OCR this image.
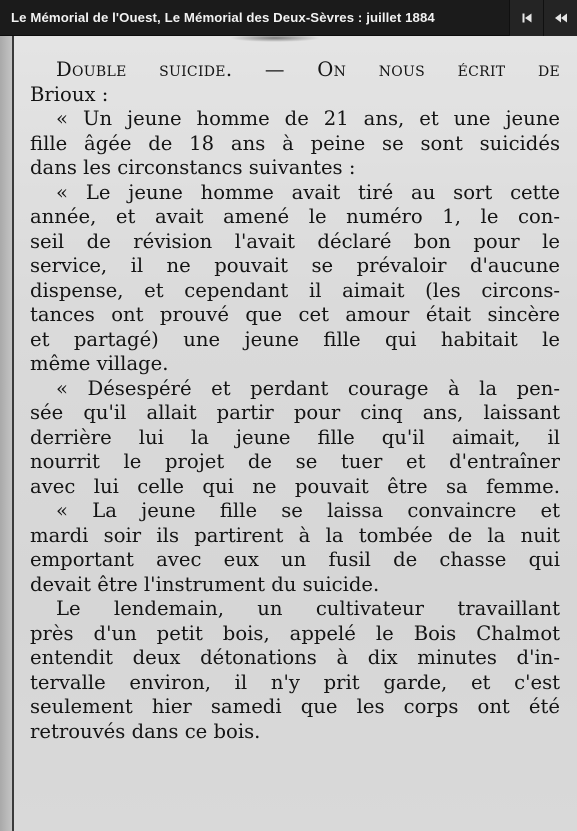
Le Mémorial de l'Ouest, Le Mémorial des Deux-Sèvres : juillet 1884
Double suicide. — On nous écrit de
Brioux :
« Un jeune homme de 21 ans, et une jeune
fille âgée de 18 ans à peine se sont suicidés
dans les circonstancs suivantes :
« Le jeune homme avait tiré au sort cette
année, et avait amené le numéro 1, le con-
seil de révision l'avait déclaré bon pour le
service, il ne pouvait se prévaloir d'aucune
dispense, et cependant il aimait (les circons-
tances ont prouvé que cet amour était sincère
et partagé) une jeune fille qui habitait le
même village.
« Désespéré et perdant courage à la pen-
sée qu'il allait partir pour cinq ans, laissant
derrière lui la jeune fille qu'il aimait, il
nourrit le projet de se tuer et d'entraîner
avec lui celle qui ne pouvait être sa femme.
« La jeune fille se laissa convaincre et
mardi soir ils partirent à la tombée de la nuit
emportant avec eux un fusil de chasse qui
devait être l'instrument du suicide.
Le lendemain, un cultivateur travaillant
près d'un petit bois, appelé le Bois Chalmot
entendit deux détonations à dix minutes d'in-
tervalle environ, il n'y prit garde, et c'est
seulement hier samedi que les corps ont été
retrouvés dans ce bois.
